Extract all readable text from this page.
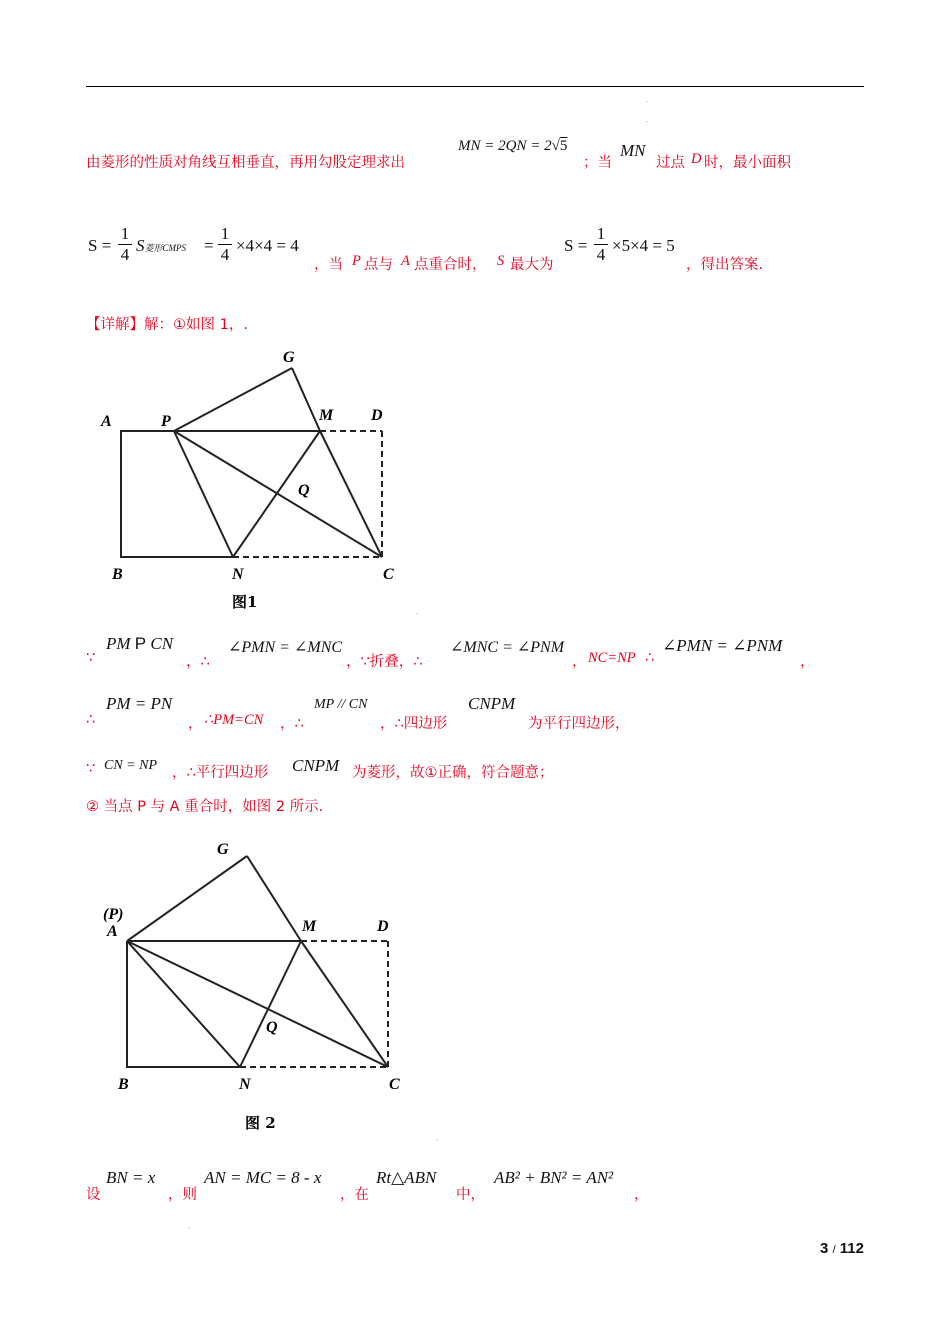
.
.
由菱形的性质对角线互相垂直，再用勾股定理求出
MN = 2QN = 2√5
；当
MN
过点 D 时，最小面积
S =
1
4 S菱形CMPS =
1
4 ×4×4 = 4
，当 P 点与 A 点重合时， S 最大为
S =
1
4 ×5×4 = 5
，得出答案.
【详解】解：①如图 1，.
A	P
G
M D
Q
B	N	C
图1
.
∵
PM P CN
，∴
∠PMN = ∠MNC
，∵折叠，∴
∠MNC = ∠PNM
， NC=NP ∴
∠PMN = ∠PNM
，
∴
PM = PN
， ∴PM=CN ，∴
MP // CN
，∴四边形
CNPM
为平行四边形，
∵ CN = NP ，∴平行四边形 CNPM 为菱形，故①正确，符合题意；
② 当点 P 与 A 重合时，如图 2 所示.
(P)
A
G
M	D
Q
B	N	C
图 2
.
设
BN = x
，则
AN = MC = 8 - x
，在
Rt△ABN
中，
AB² + BN² = AN²
，
.
3 / 112
